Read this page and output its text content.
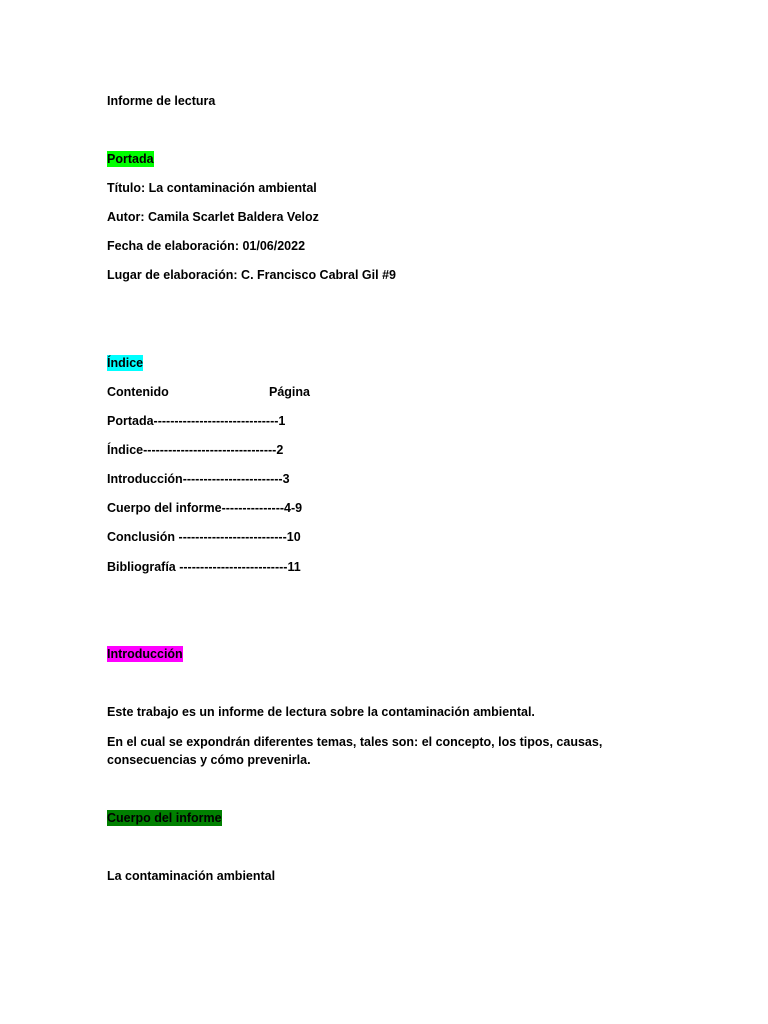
Informe de lectura
Portada
Título: La contaminación ambiental
Autor: Camila Scarlet Baldera Veloz
Fecha de elaboración: 01/06/2022
Lugar de elaboración: C. Francisco Cabral Gil #9
Índice
Contenido	Página
Portada------------------------------1
Índice--------------------------------2
Introducción------------------------3
Cuerpo del informe---------------4-9
Conclusión --------------------------10
Bibliografía --------------------------11
Introducción
Este trabajo es un informe de lectura sobre la contaminación ambiental.
En el cual se expondrán diferentes temas, tales son: el concepto, los tipos, causas, consecuencias y cómo prevenirla.
Cuerpo del informe
La contaminación ambiental
